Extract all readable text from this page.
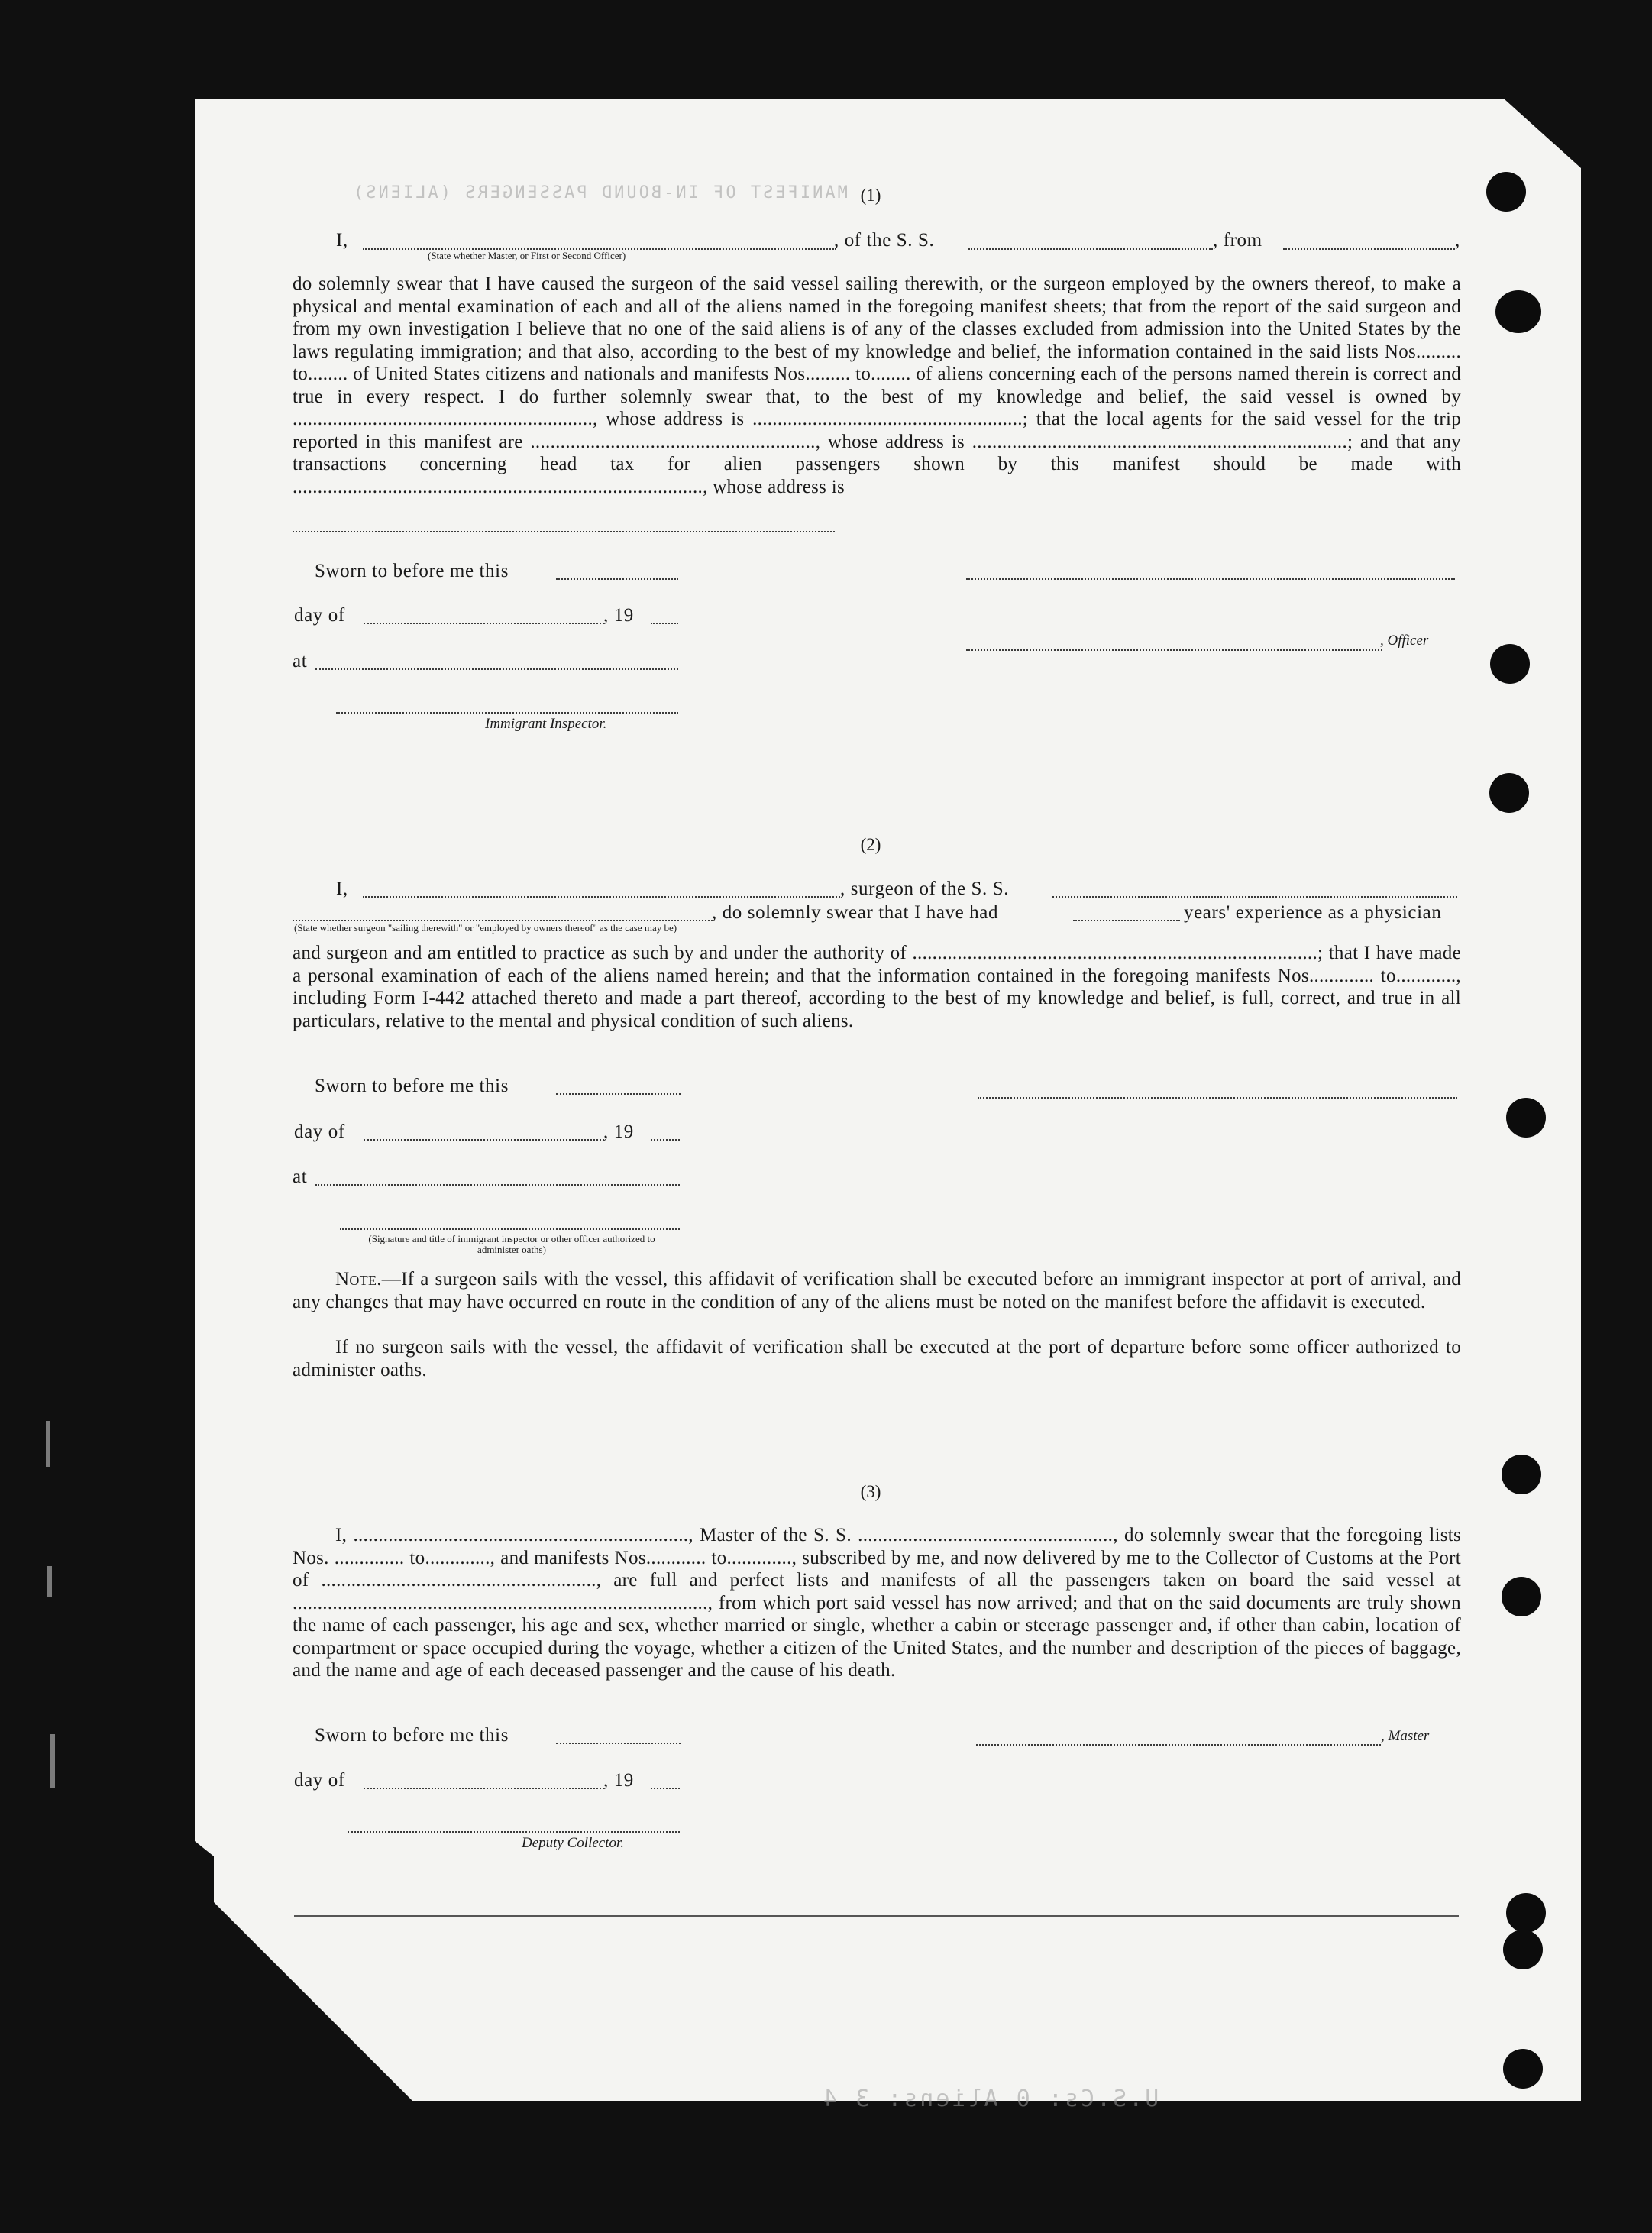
MANIFEST OF IN-BOUND PASSENGERS (ALIENS) (1)
I,	, of the S. S.	, from	,
(State whether Master, or First or Second Officer)
do solemnly swear that I have caused the surgeon of the said vessel sailing therewith, or the surgeon employed by the owners thereof, to make a physical and mental examination of each and all of the aliens named in the foregoing manifest sheets; that from the report of the said surgeon and from my own investigation I believe that no one of the said aliens is of any of the classes excluded from admission into the United States by the laws regulating immigration; and that also, according to the best of my knowledge and belief, the information contained in the said lists Nos......... to........ of United States citizens and nationals and manifests Nos......... to........ of aliens concerning each of the persons named therein is correct and true in every respect. I do further solemnly swear that, to the best of my knowledge and belief, the said vessel is owned by ............................................................, whose address is ......................................................; that the local agents for the said vessel for the trip reported in this manifest are ........................................................., whose address is ...........................................................................; and that any transactions concerning head tax for alien passengers shown by this manifest should be made with .................................................................................., whose address is
Sworn to before me this
day of	, 19
at
Immigrant Inspector.
, Officer
(2)
I,	, surgeon of the S. S.
, do solemnly swear that I have had	years' experience as a physician
(State whether surgeon "sailing therewith" or "employed by owners thereof" as the case may be)
and surgeon and am entitled to practice as such by and under the authority of .................................................................................; that I have made a personal examination of each of the aliens named herein; and that the information contained in the foregoing manifests Nos............. to............, including Form I-442 attached thereto and made a part thereof, according to the best of my knowledge and belief, is full, correct, and true in all particulars, relative to the mental and physical condition of such aliens.
Sworn to before me this
day of	, 19
at
(Signature and title of immigrant inspector or other officer authorized to administer oaths)
Note.—If a surgeon sails with the vessel, this affidavit of verification shall be executed before an immigrant inspector at port of arrival, and any changes that may have occurred en route in the condition of any of the aliens must be noted on the manifest before the affidavit is executed.
If no surgeon sails with the vessel, the affidavit of verification shall be executed at the port of departure before some officer authorized to administer oaths.
(3)
I, ..................................................................., Master of the S. S. ..................................................., do solemnly swear that the foregoing lists Nos. .............. to............., and manifests Nos............ to............., subscribed by me, and now delivered by me to the Collector of Customs at the Port of ......................................................., are full and perfect lists and manifests of all the passengers taken on board the said vessel at ..................................................................................., from which port said vessel has now arrived; and that on the said documents are truly shown the name of each passenger, his age and sex, whether married or single, whether a cabin or steerage passenger and, if other than cabin, location of compartment or space occupied during the voyage, whether a citizen of the United States, and the number and description of the pieces of baggage, and the name and age of each deceased passenger and the cause of his death.
Sworn to before me this	, Master
day of	, 19
Deputy Collector.
U.S.Cs: 0 Aliens: 3 4
